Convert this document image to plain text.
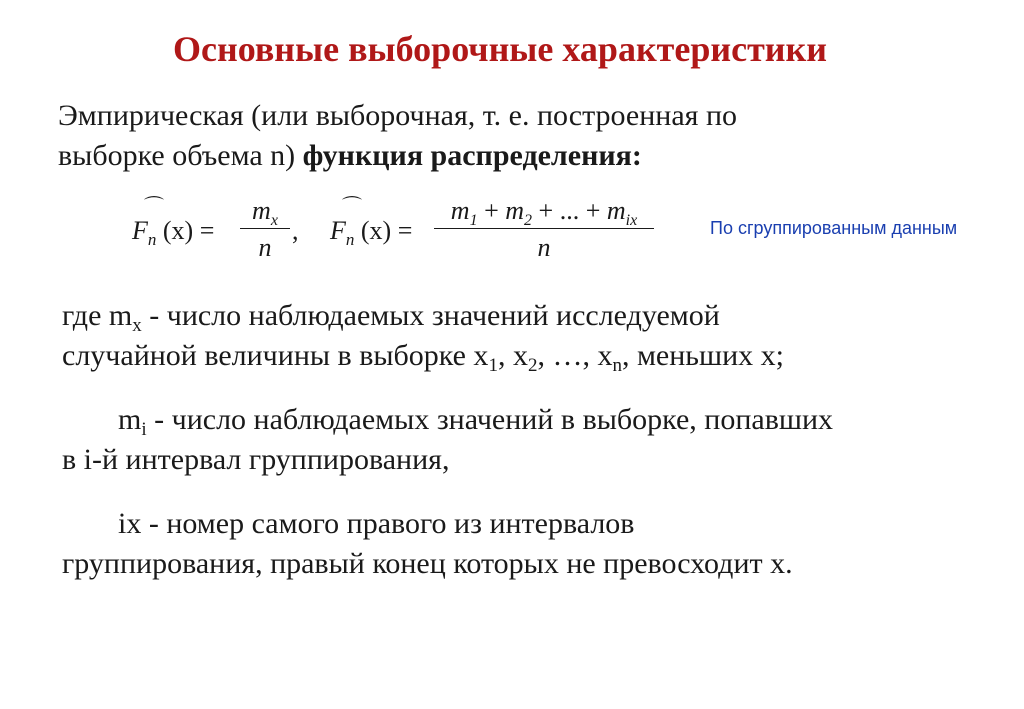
Основные выборочные характеристики
Эмпирическая (или выборочная, т. е. построенная по
выборке объема n) функция распределения:
⌒
$F_n$ $(x) = \frac{m_x}{n}$ ,
⌒
$F_n$ (x) =
$m_1 + m_2$ + ... + $m_{ix}$
n
По сгруппированным данным
где $m_x$ - число наблюдаемых значений исследуемой
случайной величины в выборке $x_1$, $x_2$, …, $x_n$, меньших x;
$m_i$ - число наблюдаемых значений в выборке, попавших
в i-й интервал группирования,
ix - номер самого правого из интервалов
группирования, правый конец которых не превосходит x.
